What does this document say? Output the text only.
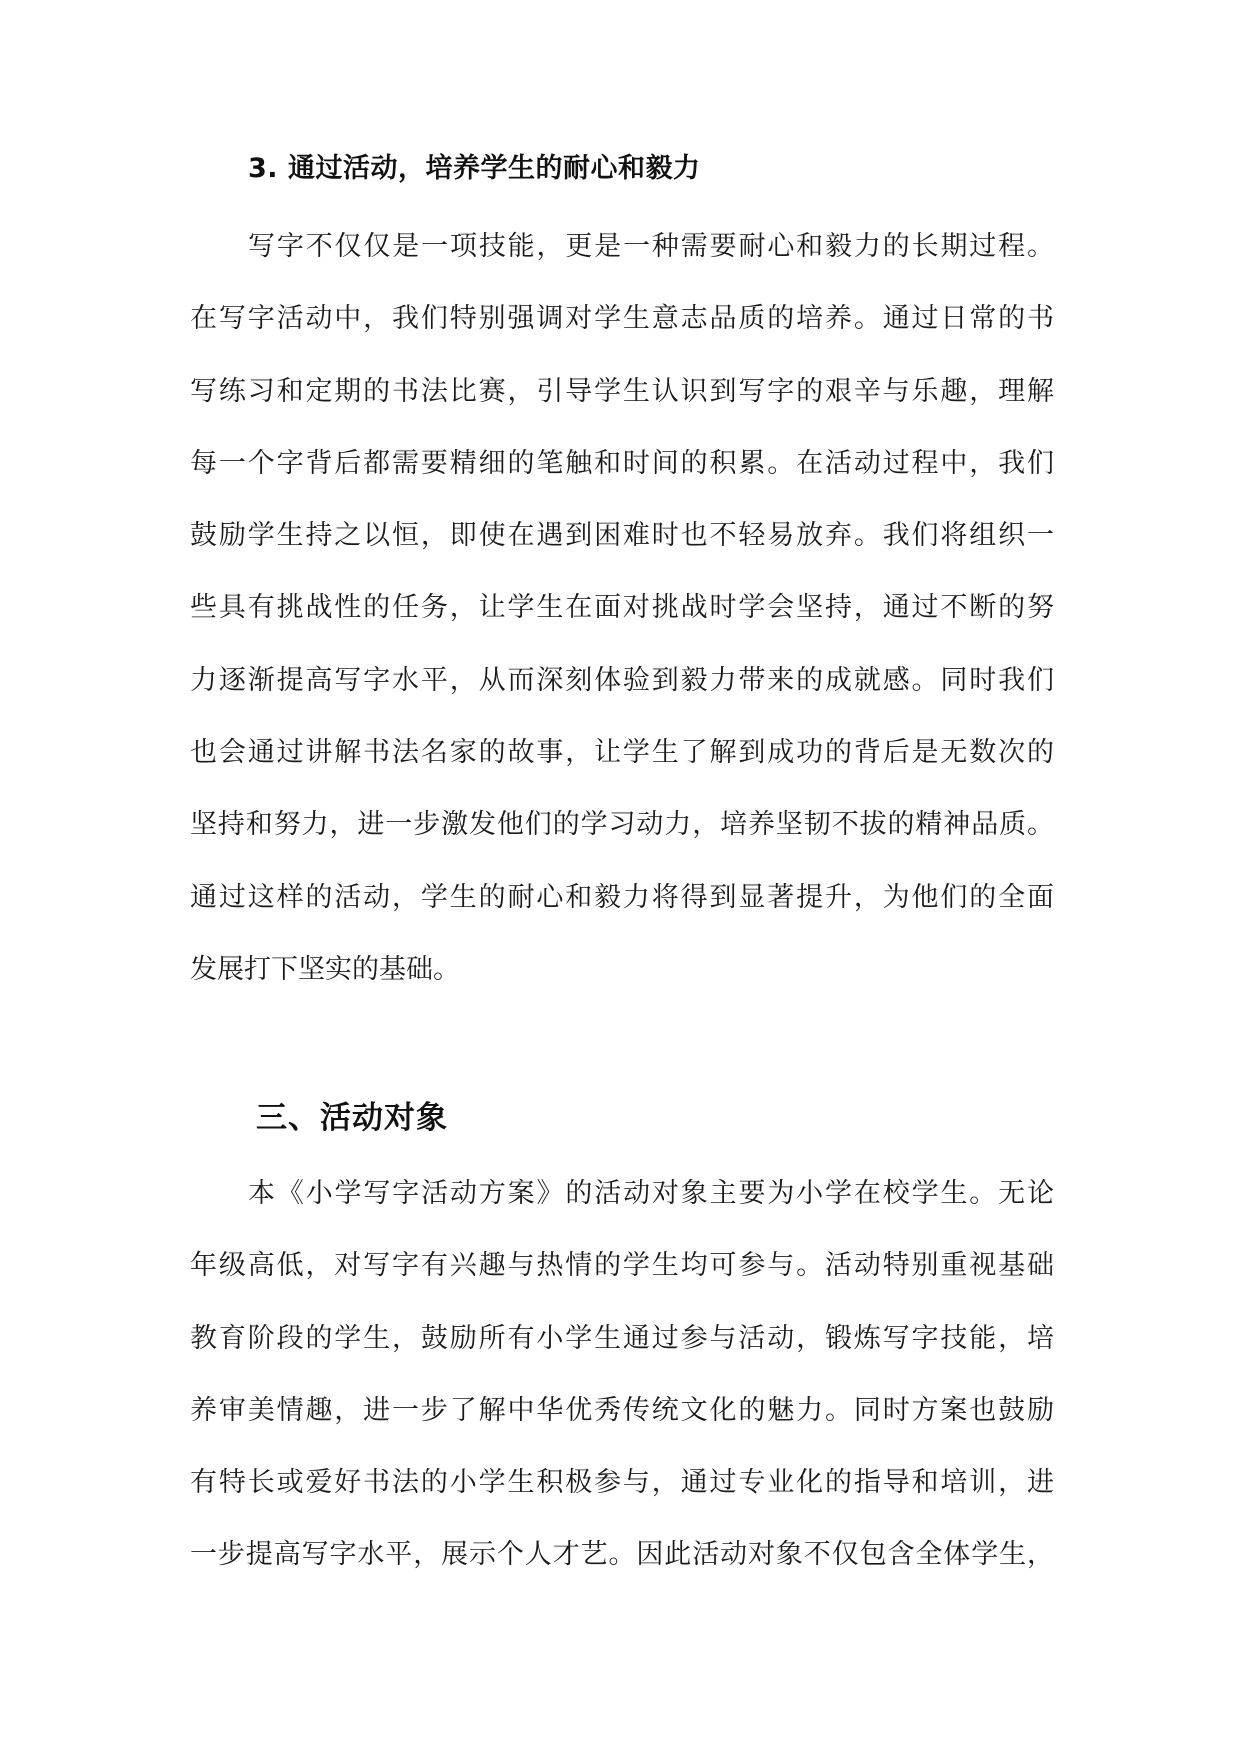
3. 通过活动，培养学生的耐心和毅力
写字不仅仅是一项技能，更是一种需要耐心和毅力的长期过程。
在写字活动中，我们特别强调对学生意志品质的培养。通过日常的书
写练习和定期的书法比赛，引导学生认识到写字的艰辛与乐趣，理解
每一个字背后都需要精细的笔触和时间的积累。在活动过程中，我们
鼓励学生持之以恒，即使在遇到困难时也不轻易放弃。我们将组织一
些具有挑战性的任务，让学生在面对挑战时学会坚持，通过不断的努
力逐渐提高写字水平，从而深刻体验到毅力带来的成就感。同时我们
也会通过讲解书法名家的故事，让学生了解到成功的背后是无数次的
坚持和努力，进一步激发他们的学习动力，培养坚韧不拔的精神品质。
通过这样的活动，学生的耐心和毅力将得到显著提升，为他们的全面
发展打下坚实的基础。
三、活动对象
本《小学写字活动方案》的活动对象主要为小学在校学生。无论
年级高低，对写字有兴趣与热情的学生均可参与。活动特别重视基础
教育阶段的学生，鼓励所有小学生通过参与活动，锻炼写字技能，培
养审美情趣，进一步了解中华优秀传统文化的魅力。同时方案也鼓励
有特长或爱好书法的小学生积极参与，通过专业化的指导和培训，进
一步提高写字水平，展示个人才艺。因此活动对象不仅包含全体学生，
